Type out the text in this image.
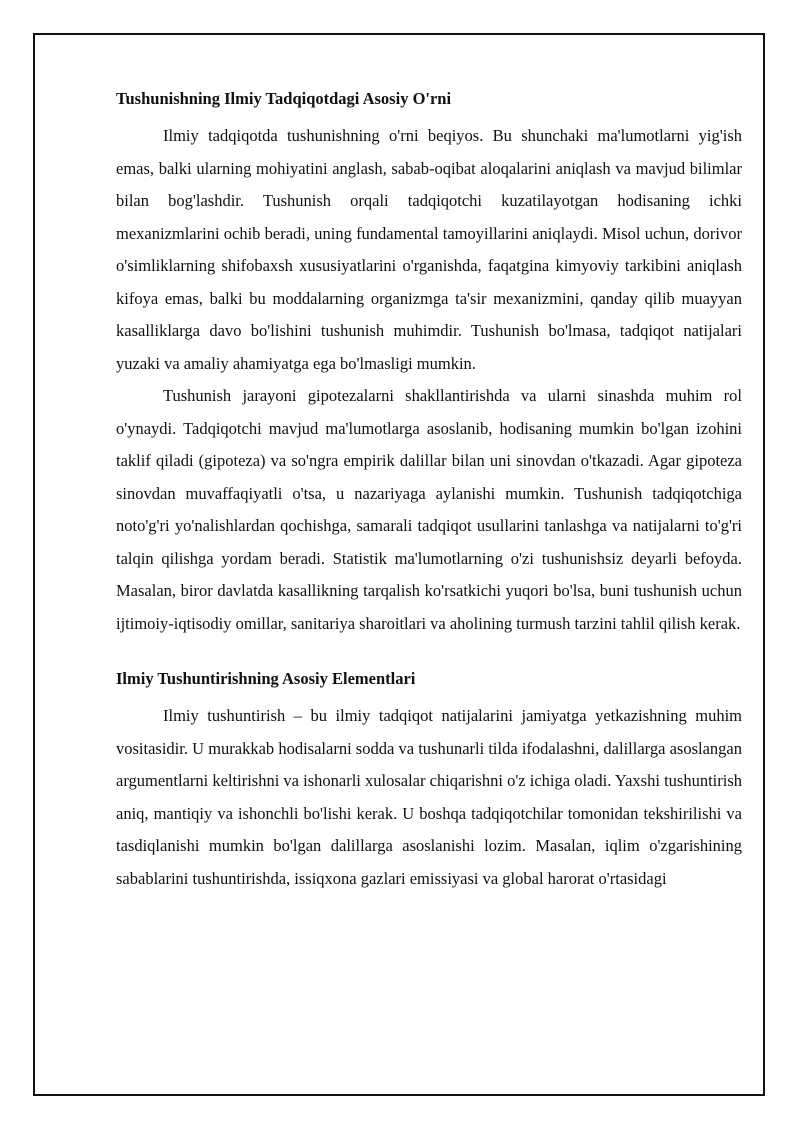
Tushunishning Ilmiy Tadqiqotdagi Asosiy O'rni

Ilmiy tadqiqotda tushunishning o'rni beqiyos. Bu shunchaki ma'lumotlarni yig'ish emas, balki ularning mohiyatini anglash, sabab-oqibat aloqalarini aniqlash va mavjud bilimlar bilan bog'lashdir. Tushunish orqali tadqiqotchi kuzatilayotgan hodisaning ichki mexanizmlarini ochib beradi, uning fundamental tamoyillarini aniqlaydi. Misol uchun, dorivor o'simliklarning shifobaxsh xususiyatlarini o'rganishda, faqatgina kimyoviy tarkibini aniqlash kifoya emas, balki bu moddalarning organizmga ta'sir mexanizmini, qanday qilib muayyan kasalliklarga davo bo'lishini tushunish muhimdir. Tushunish bo'lmasa, tadqiqot natijalari yuzaki va amaliy ahamiyatga ega bo'lmasligi mumkin.

Tushunish jarayoni gipotezalarni shakllantirishda va ularni sinashda muhim rol o'ynaydi. Tadqiqotchi mavjud ma'lumotlarga asoslanib, hodisaning mumkin bo'lgan izohini taklif qiladi (gipoteza) va so'ngra empirik dalillar bilan uni sinovdan o'tkazadi. Agar gipoteza sinovdan muvaffaqiyatli o'tsa, u nazariyaga aylanishi mumkin. Tushunish tadqiqotchiga noto'g'ri yo'nalishlardan qochishga, samarali tadqiqot usullarini tanlashga va natijalarni to'g'ri talqin qilishga yordam beradi. Statistik ma'lumotlarning o'zi tushunishsiz deyarli befoyda. Masalan, biror davlatda kasallikning tarqalish ko'rsatkichi yuqori bo'lsa, buni tushunish uchun ijtimoiy-iqtisodiy omillar, sanitariya sharoitlari va aholining turmush tarzini tahlil qilish kerak.

Ilmiy Tushuntirishning Asosiy Elementlari

Ilmiy tushuntirish – bu ilmiy tadqiqot natijalarini jamiyatga yetkazishning muhim vositasidir. U murakkab hodisalarni sodda va tushunarli tilda ifodalashni, dalillarga asoslangan argumentlarni keltirishni va ishonarli xulosalar chiqarishni o'z ichiga oladi. Yaxshi tushuntirish aniq, mantiqiy va ishonchli bo'lishi kerak. U boshqa tadqiqotchilar tomonidan tekshirilishi va tasdiqlanishi mumkin bo'lgan dalillarga asoslanishi lozim. Masalan, iqlim o'zgarishining sabablarini tushuntirishda, issiqxona gazlari emissiyasi va global harorat o'rtasidagi
